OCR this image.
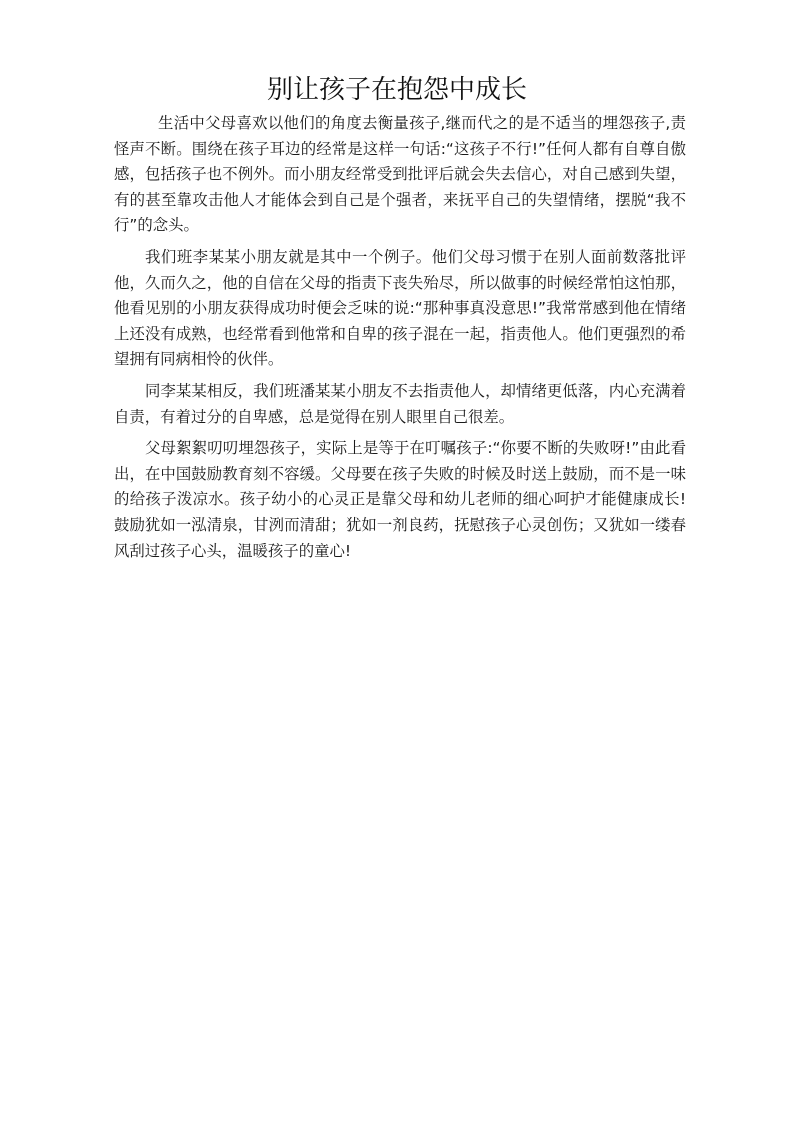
别让孩子在抱怨中成长

生活中父母喜欢以他们的角度去衡量孩子,继而代之的是不适当的埋怨孩子,责怪声不断。围绕在孩子耳边的经常是这样一句话:“这孩子不行!”任何人都有自尊自傲感，包括孩子也不例外。而小朋友经常受到批评后就会失去信心，对自己感到失望，有的甚至靠攻击他人才能体会到自己是个强者，来抚平自己的失望情绪，摆脱“我不行”的念头。

我们班李某某小朋友就是其中一个例子。他们父母习惯于在别人面前数落批评他，久而久之，他的自信在父母的指责下丧失殆尽，所以做事的时候经常怕这怕那，他看见别的小朋友获得成功时便会乏味的说:“那种事真没意思!”我常常感到他在情绪上还没有成熟，也经常看到他常和自卑的孩子混在一起，指责他人。他们更强烈的希望拥有同病相怜的伙伴。

同李某某相反，我们班潘某某小朋友不去指责他人，却情绪更低落，内心充满着自责，有着过分的自卑感，总是觉得在别人眼里自己很差。

父母絮絮叨叨埋怨孩子，实际上是等于在叮嘱孩子:“你要不断的失败呀!”由此看出，在中国鼓励教育刻不容缓。父母要在孩子失败的时候及时送上鼓励，而不是一味的给孩子泼凉水。孩子幼小的心灵正是靠父母和幼儿老师的细心呵护才能健康成长! 鼓励犹如一泓清泉，甘洌而清甜；犹如一剂良药，抚慰孩子心灵创伤；又犹如一缕春风刮过孩子心头，温暖孩子的童心!
